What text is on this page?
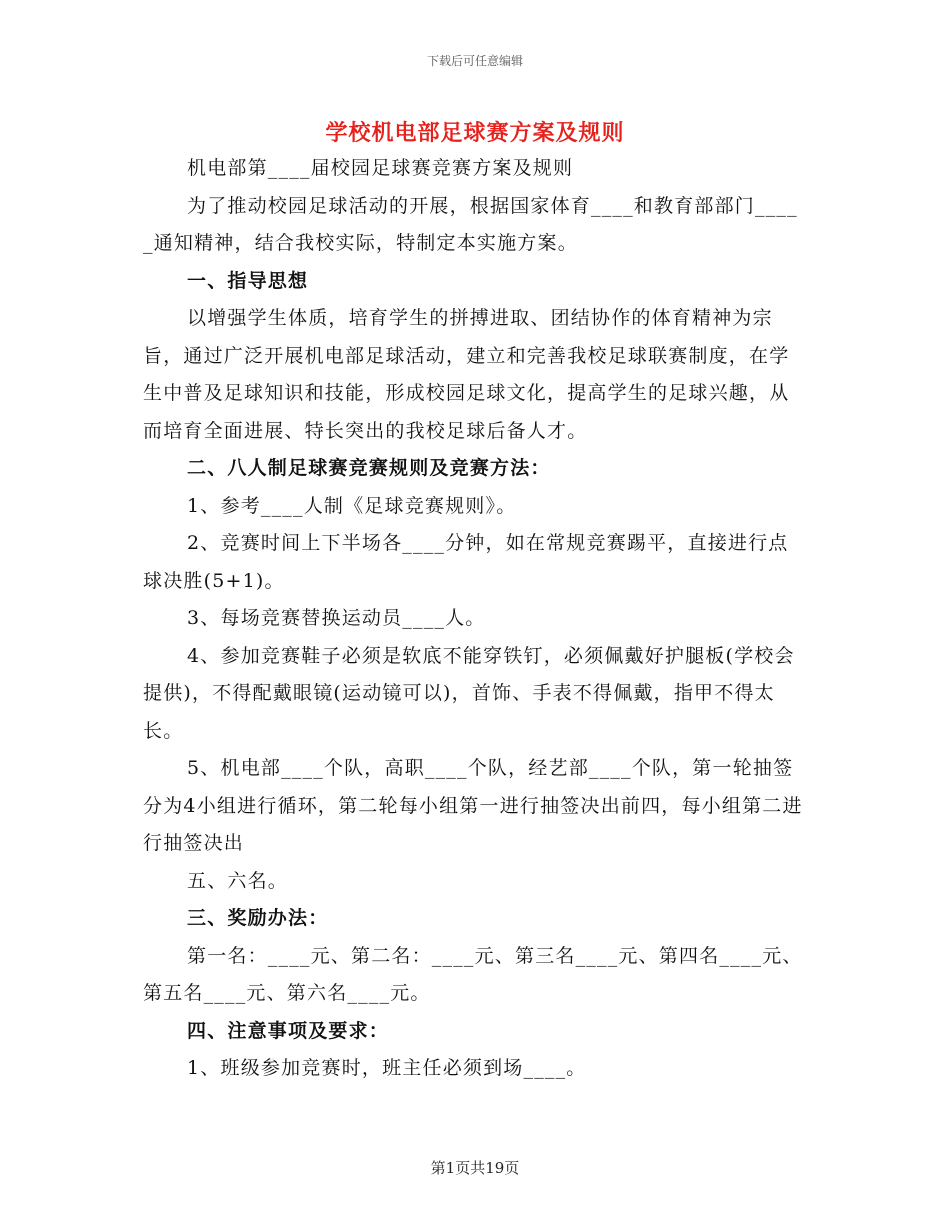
下载后可任意编辑
学校机电部足球赛方案及规则

机电部第____届校园足球赛竞赛方案及规则

为了推动校园足球活动的开展，根据国家体育____和教育部部门_____通知精神，结合我校实际，特制定本实施方案。

一、指导思想

以增强学生体质，培育学生的拼搏进取、团结协作的体育精神为宗旨，通过广泛开展机电部足球活动，建立和完善我校足球联赛制度，在学生中普及足球知识和技能，形成校园足球文化，提高学生的足球兴趣，从而培育全面进展、特长突出的我校足球后备人才。

二、八人制足球赛竞赛规则及竞赛方法：

1、参考____人制《足球竞赛规则》。

2、竞赛时间上下半场各____分钟，如在常规竞赛踢平，直接进行点球决胜(5+1)。

3、每场竞赛替换运动员____人。

4、参加竞赛鞋子必须是软底不能穿铁钉，必须佩戴好护腿板(学校会提供)，不得配戴眼镜(运动镜可以)，首饰、手表不得佩戴，指甲不得太长。

5、机电部____个队，高职____个队，经艺部____个队，第一轮抽签分为4小组进行循环，第二轮每小组第一进行抽签决出前四，每小组第二进行抽签决出

五、六名。

三、奖励办法：

第一名：____元、第二名：____元、第三名____元、第四名____元、第五名____元、第六名____元。

四、注意事项及要求：

1、班级参加竞赛时，班主任必须到场____。

第1页共19页
